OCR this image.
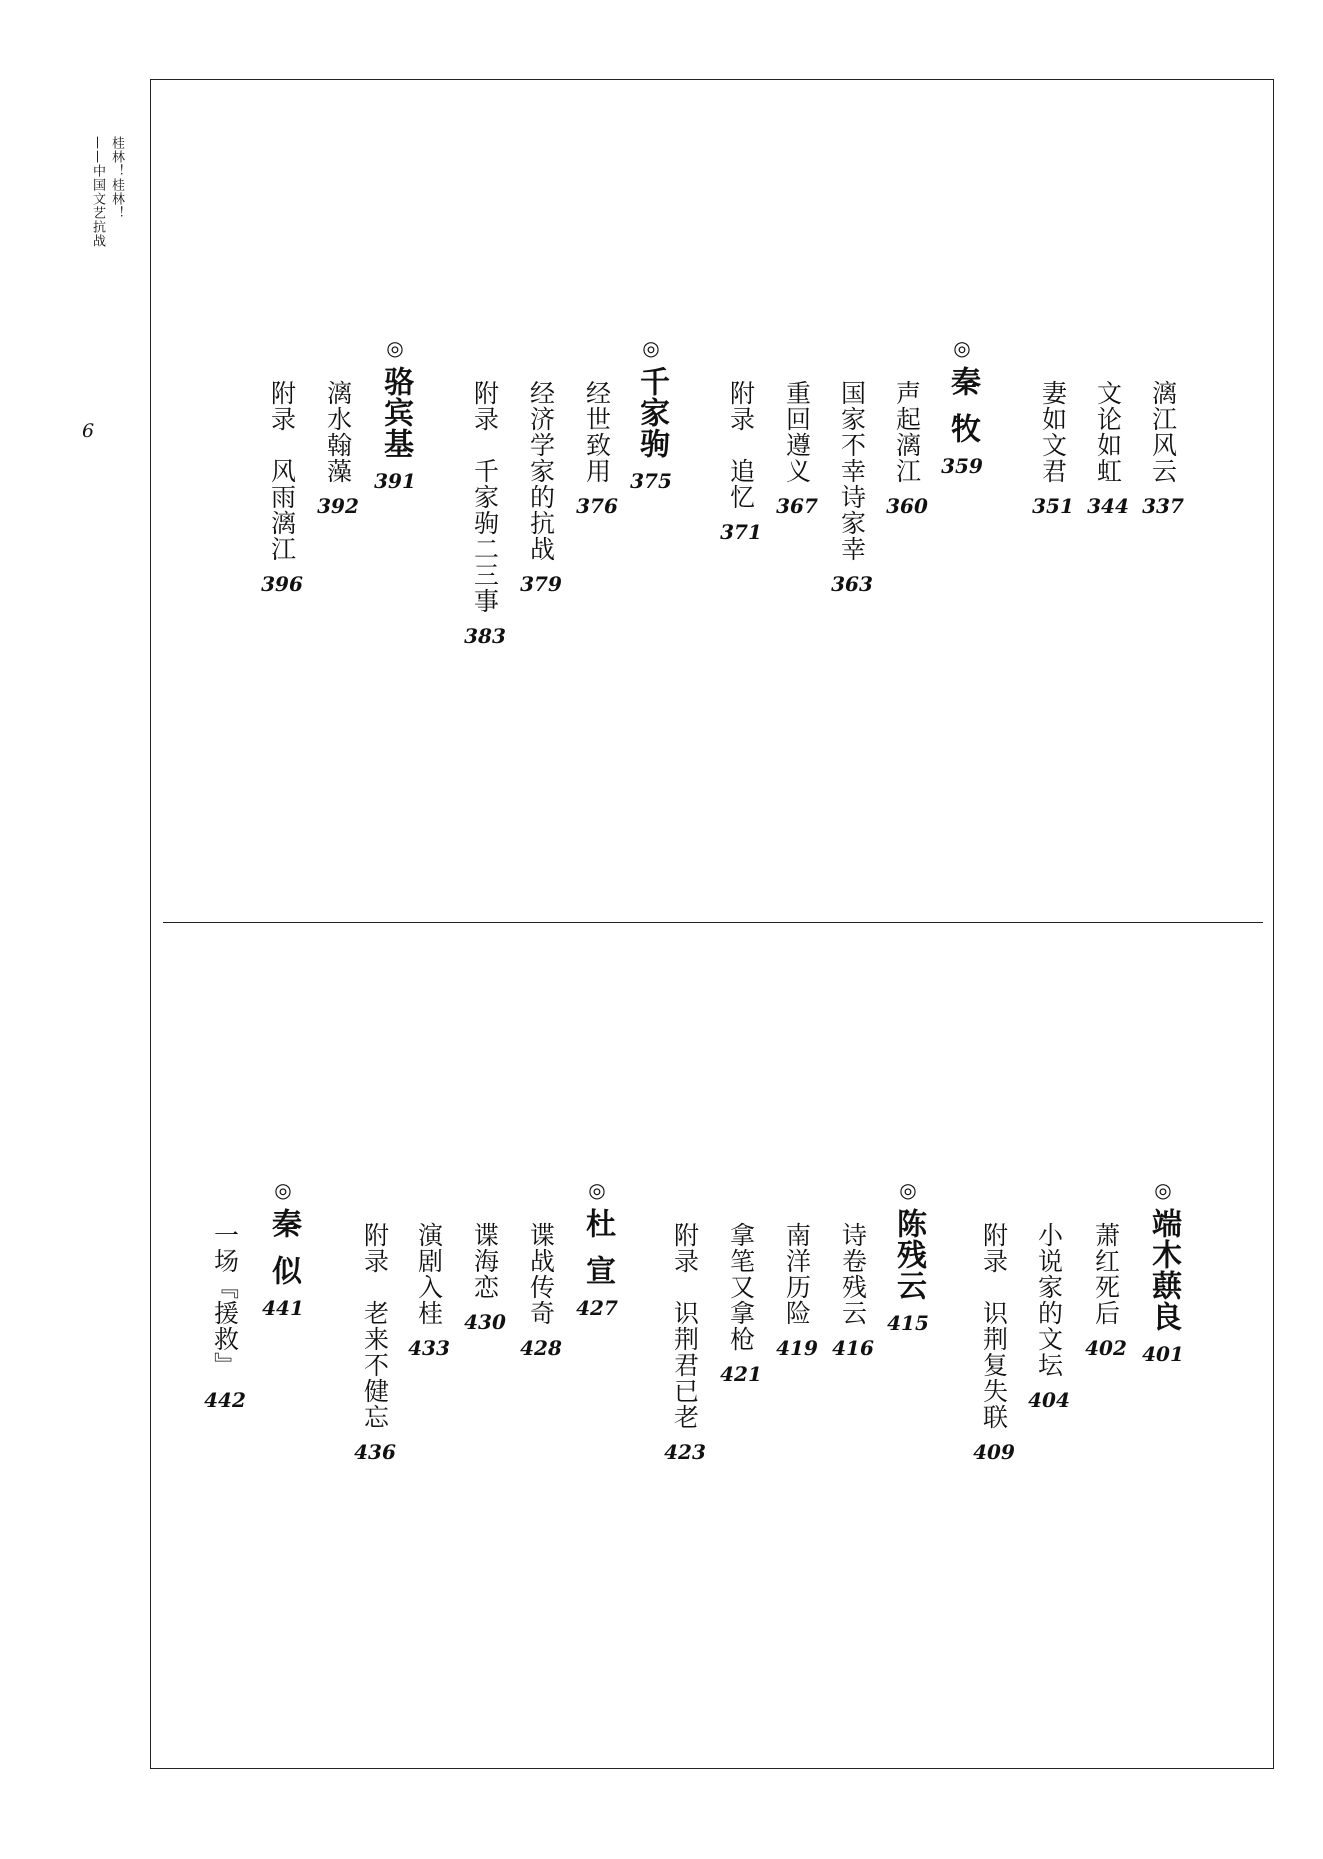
桂林！桂林！
——中国文艺抗战
6	漓江风云
337
文论如虹
344
妻如文君
351
◎
秦牧
359
声起漓江
360
国家不幸诗家幸
363
重回遵义
367
附录追忆
371
◎
千家驹
375
经世致用
376
经济学家的抗战
379
附录千家驹二三事
383
◎
骆宾基
391
漓水翰藻
392
附录风雨漓江
396
◎
端木蕻良
401
萧红死后
402
小说家的文坛
404
附录识荆复失联
409
◎
陈残云
415
诗卷残云
416
南洋历险
419
拿笔又拿枪
421
附录识荆君已老
423
◎
杜宣
427
谍战传奇
428
谍海恋
430
演剧入桂
433
附录老来不健忘
436
◎
秦似
441
一场『援救』
442
